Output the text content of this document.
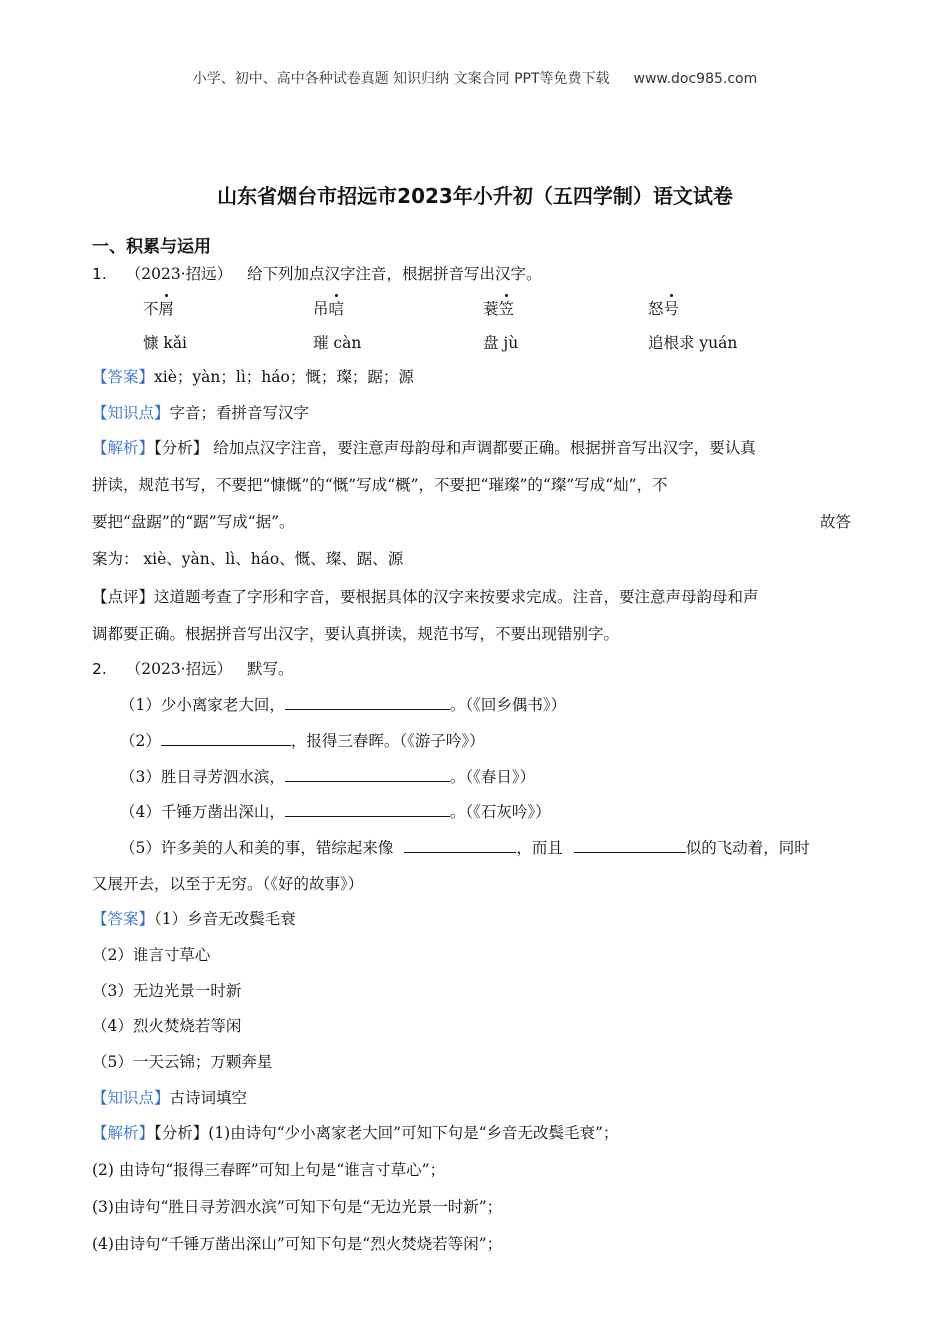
小学、初中、高中各种试卷真题 知识归纳 文案合同 PPT等免费下载 www.doc985.com
山东省烟台市招远市2023年小升初（五四学制）语文试卷
一、积累与运用
1. （2023·招远） 给下列加点汉字注音，根据拼音写出汉字。
不屑	吊唁	蓑笠	怒号
慷 kǎi	璀 càn	盘 jù	追根求 yuán
【答案】xiè；yàn；lì；háo；慨；璨；踞；源
【知识点】字音；看拼音写汉字
【解析】【分析】 给加点汉字注音，要注意声母韵母和声调都要正确。根据拼音写出汉字，要认真
拼读，规范书写，不要把“慷慨”的“慨”写成“概”，不要把“璀璨”的“璨”写成“灿”，不
要把“盘踞”的“踞”写成“据”。	故答
案为： xiè、yàn、lì、háo、慨、璨、踞、源
【点评】这道题考查了字形和字音，要根据具体的汉字来按要求完成。注音，要注意声母韵母和声
调都要正确。根据拼音写出汉字，要认真拼读，规范书写，不要出现错别字。
2. （2023·招远） 默写。
（1）少小离家老大回，	。（《回乡偶书》）
（2）	，报得三春晖。（《游子吟》）
（3）胜日寻芳泗水滨，	。（《春日》）
（4）千锤万凿出深山，	。（《石灰吟》）
（5）许多美的人和美的事，错综起来像	，而且	似的飞动着，同时
又展开去，以至于无穷。（《好的故事》）
【答案】（1）乡音无改鬓毛衰
（2）谁言寸草心
（3）无边光景一时新
（4）烈火焚烧若等闲
（5）一天云锦；万颗奔星
【知识点】古诗词填空
【解析】【分析】(1)由诗句“少小离家老大回”可知下句是“乡音无改鬓毛衰”；
(2) 由诗句“报得三春晖”可知上句是“谁言寸草心”；
(3)由诗句“胜日寻芳泗水滨”可知下句是“无边光景一时新”；
(4)由诗句“千锤万凿出深山”可知下句是“烈火焚烧若等闲”；
